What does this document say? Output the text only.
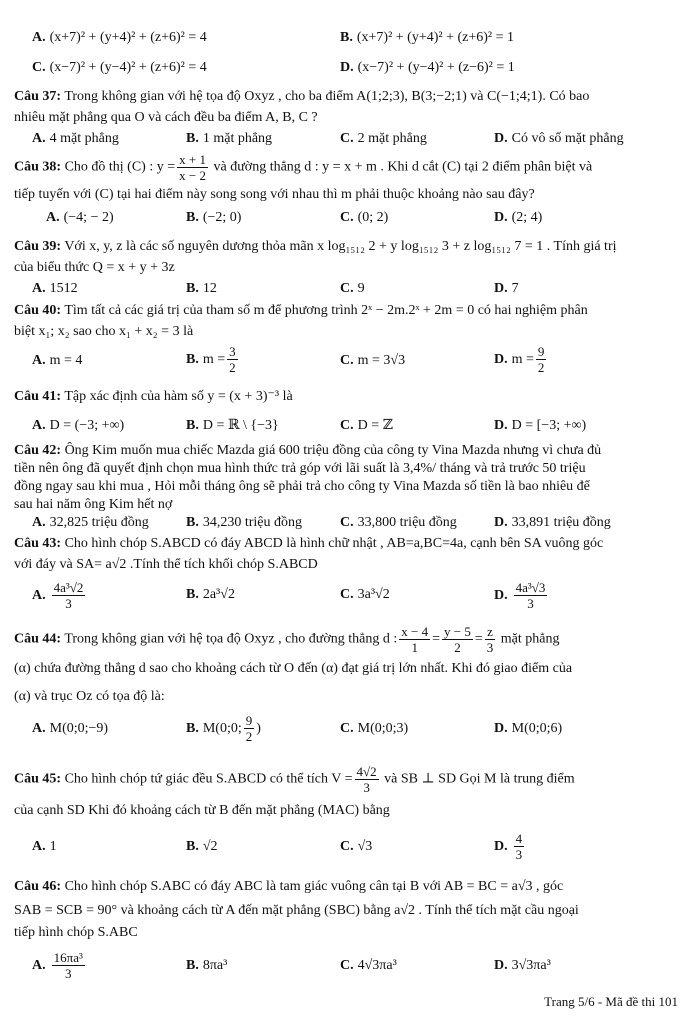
A. (x+7)² + (y+4)² + (z+6)² = 4	B. (x+7)² + (y+4)² + (z+6)² = 1
C. (x−7)² + (y−4)² + (z+6)² = 4	D. (x−7)² + (y−4)² + (z−6)² = 1
Câu 37: Trong không gian với hệ tọa độ Oxyz , cho ba điểm A(1;2;3), B(3;−2;1) và C(−1;4;1). Có bao
nhiêu mặt phẳng qua O và cách đều ba điểm A, B, C ?
A. 4 mặt phẳng	B. 1 mặt phẳng	C. 2 mặt phẳng	D. Có vô số mặt phẳng
Câu 38: Cho đồ thị (C) : $y = \frac{x + 1}{x - 2}$ và đường thẳng d : y = x + m . Khi d cắt (C) tại 2 điểm phân biệt và
tiếp tuyến với (C) tại hai điểm này song song với nhau thì m phải thuộc khoảng nào sau đây?
A. (−4; − 2)	B. (−2; 0)	C. (0; 2)	D. (2; 4)
Câu 39: Với x, y, z là các số nguyên dương thỏa mãn x log₁₅₁₂ 2 + y log₁₅₁₂ 3 + z log₁₅₁₂ 7 = 1 . Tính giá trị
của biểu thức Q = x + y + 3z
A. 1512	B. 12	C. 9	D. 7
Câu 40: Tìm tất cả các giá trị của tham số m để phương trình 2ˣ − 2m.2ˣ + 2m = 0 có hai nghiệm phân
biệt x₁; x₂ sao cho x₁ + x₂ = 3 là
A. m = 4	B. $m = \frac{3}{2}$	C. m = 3√3	D. $m = \frac{9}{2}$
Câu 41: Tập xác định của hàm số y = (x + 3)⁻³ là
A. D = (−3; +∞)	B. D = ℝ \ {−3}	C. D = ℤ	D. D = [−3; +∞)
Câu 42: Ông Kim muốn mua chiếc Mazda giá 600 triệu đồng của công ty Vina Mazda nhưng vì chưa đủ
tiền nên ông đã quyết định chọn mua hình thức trả góp với lãi suất là 3,4%/ tháng và trả trước 50 triệu
đồng ngay sau khi mua , Hỏi mỗi tháng ông sẽ phải trả cho công ty Vina Mazda số tiền là bao nhiêu để
sau hai năm ông Kim hết nợ
A. 32,825 triệu đồng	B. 34,230 triệu đồng	C. 33,800 triệu đồng	D. 33,891 triệu đồng
Câu 43: Cho hình chóp S.ABCD có đáy ABCD là hình chữ nhật , AB=a,BC=4a, cạnh bên SA vuông góc
với đáy và SA= a√2 .Tính thể tích khối chóp S.ABCD
A. $\frac{\text{4a³√2}}{3}$	B. 2a³√2	C. 3a³√2	D. $\frac{\text{4a³√3}}{3}$
Câu 44: Trong không gian với hệ tọa độ Oxyz , cho đường thẳng d : $\frac{x - 4}{1} = \frac{y - 5}{2} = \frac{z}{3}$ mặt phẳng
(α) chứa đường thẳng d sao cho khoảng cách từ O đến (α) đạt giá trị lớn nhất. Khi đó giao điểm của
(α) và trục Oz có tọa độ là:
A. M(0;0;−9)	B. M(0;0; $\frac{9}{2}$ )	C. M(0;0;3)	D. M(0;0;6)
Câu 45: Cho hình chóp tứ giác đều S.ABCD có thể tích $V = \frac{4√2}{3}$ và SB ⊥ SD Gọi M là trung điểm
của cạnh SD Khi đó khoảng cách từ B đến mặt phẳng (MAC) bằng
A. 1	B. √2	C. √3	D. $\frac{4}{3}$
Câu 46: Cho hình chóp S.ABC có đáy ABC là tam giác vuông cân tại B với AB = BC = a√3 , góc
SAB = SCB = 90° và khoảng cách từ A đến mặt phẳng (SBC) bằng a√2 . Tính thể tích mặt cầu ngoại
tiếp hình chóp S.ABC
A. $\frac{\text{16πa³}}{3}$	B. 8πa³	C. 4√3πa³	D. 3√3πa³
Trang 5/6 - Mã đề thi 101
